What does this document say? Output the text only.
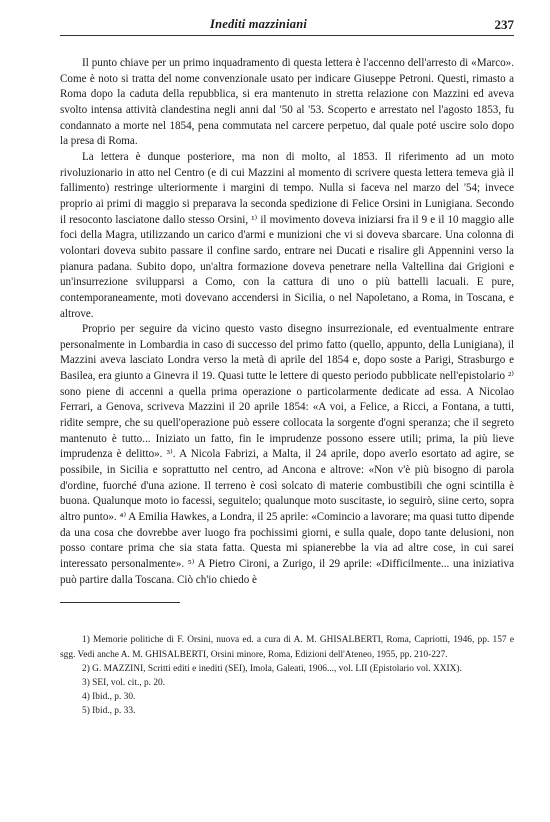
Inediti mazziniani	237

Il punto chiave per un primo inquadramento di questa lettera è l'accenno dell'arresto di «Marco». Come è noto si tratta del nome convenzionale usato per indicare Giuseppe Petroni. Questi, rimasto a Roma dopo la caduta della repubblica, si era mantenuto in stretta relazione con Mazzini ed aveva svolto intensa attività clandestina negli anni dal '50 al '53. Scoperto e arrestato nel l'agosto 1853, fu condannato a morte nel 1854, pena commutata nel carcere perpetuo, dal quale poté uscire solo dopo la presa di Roma.

La lettera è dunque posteriore, ma non di molto, al 1853. Il riferimento ad un moto rivoluzionario in atto nel Centro (e di cui Mazzini al momento di scrivere questa lettera temeva già il fallimento) restringe ulteriormente i margini di tempo. Nulla si faceva nel marzo del '54; invece proprio ai primi di maggio si preparava la seconda spedizione di Felice Orsini in Lunigiana. Secondo il resoconto lasciatone dallo stesso Orsini, ¹⁾ il movimento doveva iniziarsi fra il 9 e il 10 maggio alle foci della Magra, utilizzando un carico d'armi e munizioni che vi si doveva sbarcare. Una colonna di volontari doveva subito passare il confine sardo, entrare nei Ducati e risalire gli Appennini verso la pianura padana. Subito dopo, un'altra formazione doveva penetrare nella Valtellina dai Grigioni e un'insurrezione svilupparsi a Como, con la cattura di uno o più battelli lacuali. E pure, contemporaneamente, moti dovevano accendersi in Sicilia, o nel Napoletano, a Roma, in Toscana, e altrove.

Proprio per seguire da vicino questo vasto disegno insurrezionale, ed eventualmente entrare personalmente in Lombardia in caso di successo del primo fatto (quello, appunto, della Lunigiana), il Mazzini aveva lasciato Londra verso la metà di aprile del 1854 e, dopo soste a Parigi, Strasburgo e Basilea, era giunto a Ginevra il 19. Quasi tutte le lettere di questo periodo pubblicate nell'epistolario ²⁾ sono piene di accenni a quella prima operazione o particolarmente dedicate ad essa. A Nicolao Ferrari, a Genova, scriveva Mazzini il 20 aprile 1854: «A voi, a Felice, a Ricci, a Fontana, a tutti, ridite sempre, che su quell'operazione può essere collocata la sorgente d'ogni speranza; che il segreto mantenuto è tutto... Iniziato un fatto, fin le imprudenze possono essere utili; prima, la più lieve imprudenza è delitto». ³⁾. A Nicola Fabrizi, a Malta, il 24 aprile, dopo averlo esortato ad agire, se possibile, in Sicilia e soprattutto nel centro, ad Ancona e altrove: «Non v'è più bisogno di parola d'ordine, fuorché d'una azione. Il terreno è così solcato di materie combustibili che ogni scintilla è buona. Qualunque moto io facessi, seguitelo; qualunque moto suscitaste, io seguirò, siine certo, sopra altro punto». ⁴⁾ A Emilia Hawkes, a Londra, il 25 aprile: «Comincio a lavorare; ma quasi tutto dipende da una cosa che dovrebbe aver luogo fra pochissimi giorni, e sulla quale, dopo tante delusioni, non posso contare prima che sia stata fatta. Questa mi spianerebbe la via ad altre cose, in cui sarei interessato personalmente». ⁵⁾ A Pietro Cironi, a Zurigo, il 29 aprile: «Difficilmente... una iniziativa può partire dalla Toscana. Ciò ch'io chiedo è

1) Memorie politiche di F. Orsini, nuova ed. a cura di A. M. GHISALBERTI, Roma, Capriotti, 1946, pp. 157 e sgg. Vedi anche A. M. GHISALBERTI, Orsini minore, Roma, Edizioni dell'Ateneo, 1955, pp. 210-227.

2) G. MAZZINI, Scritti editi e inediti (SEI), Imola, Galeati, 1906..., vol. LII (Epistolario vol. XXIX).

3) SEI, vol. cit., p. 20.

4) Ibid., p. 30.

5) Ibid., p. 33.
